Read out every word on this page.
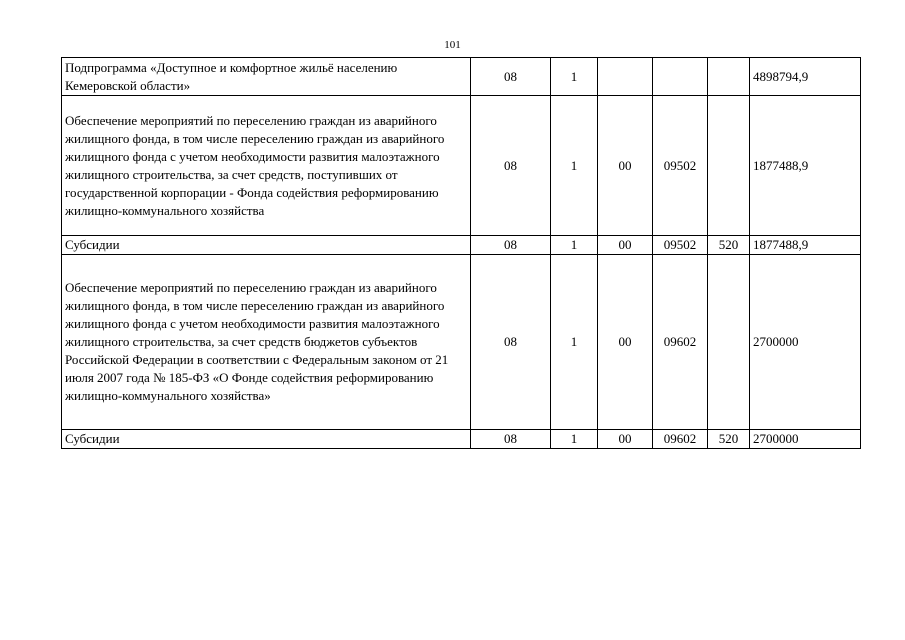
101
Подпрограмма «Доступное и комфортное жильё населению Кемеровской области»	08	1				4898794,9
Обеспечение мероприятий по переселению граждан из аварийного жилищного фонда, в том числе переселению граждан из аварийного жилищного фонда с учетом необходимости развития малоэтажного жилищного строительства, за счет средств, поступивших от государственной корпорации - Фонда содействия реформированию жилищно-коммунального хозяйства	08	1	00	09502		1877488,9
Субсидии	08	1	00	09502	520	1877488,9
Обеспечение мероприятий по переселению граждан из аварийного жилищного фонда, в том числе переселению граждан из аварийного жилищного фонда с учетом необходимости развития малоэтажного жилищного строительства, за счет средств бюджетов субъектов Российской Федерации в соответствии с Федеральным законом от 21 июля 2007 года № 185-ФЗ «О Фонде содействия реформированию жилищно-коммунального хозяйства»	08	1	00	09602		2700000
Субсидии	08	1	00	09602	520	2700000
